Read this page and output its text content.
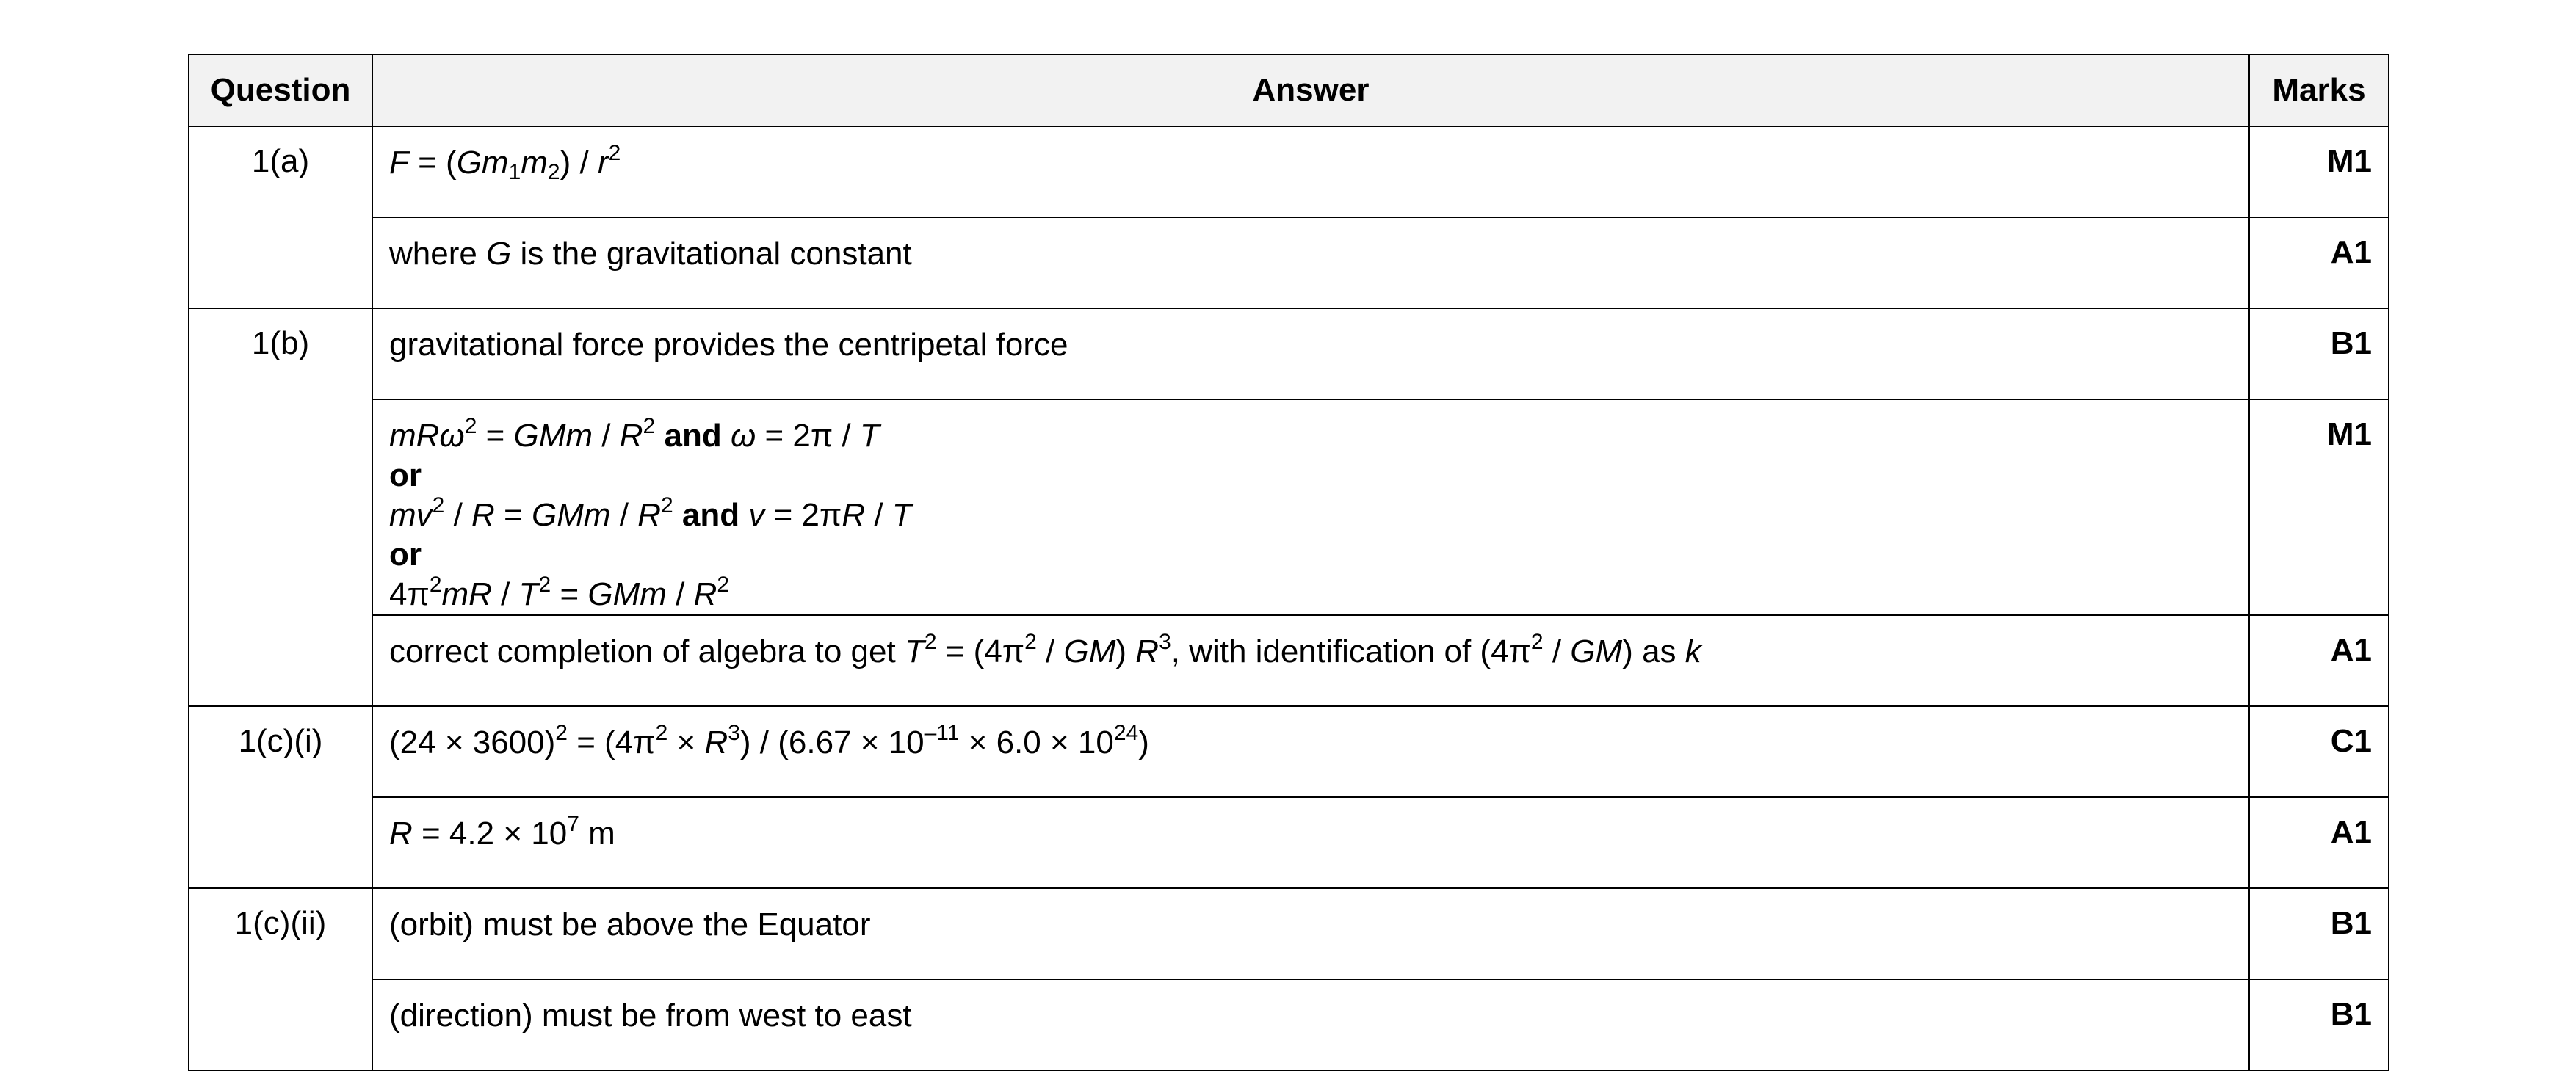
Question	Answer	Marks
1(a)	$F = (Gm_1m_2) / r^2$	M1

	where G is the gravitational constant	A1
1(b)	gravitational force provides the centripetal force	B1

	mRω$^2$ = GMm / $R^2$ and ω = 2π / T
or
$mv^2$ / R = GMm / $R^2$ and v = 2πR / T
or
$4\pi^2mR / T^2$ = GMm / $R^2$	M1

	correct completion of algebra to get $T^2 = (4\pi^2 / GM)$ $R^3$, with identification of $(4\pi^2 / GM)$ as k	A1
1(c)(i)	$(24 \times 3600)^2 = (4\pi^2 \times R^3) / (6.67 \times 10^{-11} \times 6.0 \times 10^{24})$	C1

	$R = 4.2 \times 10^7$ m	A1
1(c)(ii)	(orbit) must be above the Equator	B1

	(direction) must be from west to east	B1
